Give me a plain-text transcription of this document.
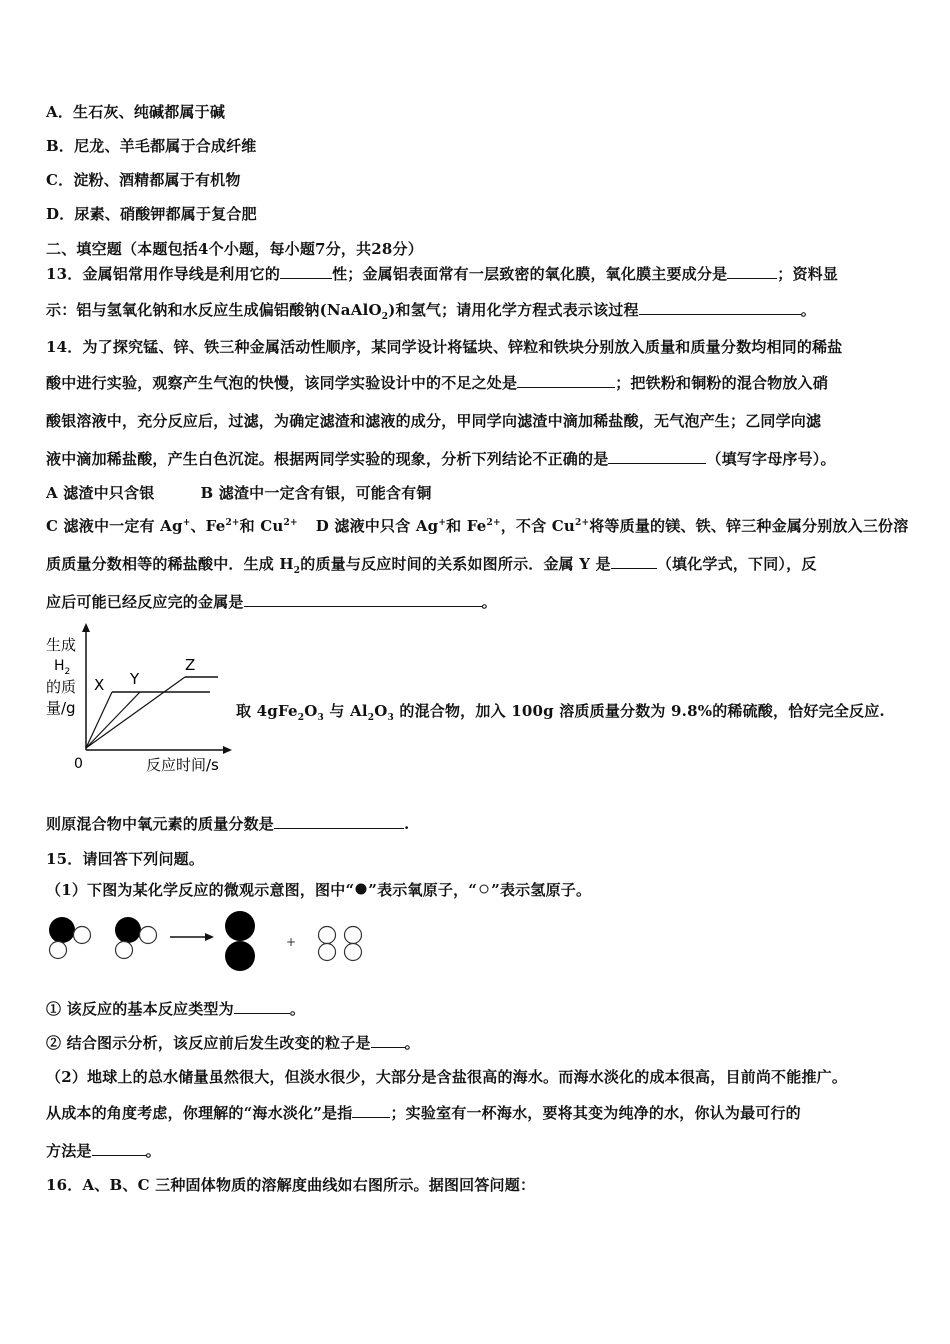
A．生石灰、纯碱都属于碱
B．尼龙、羊毛都属于合成纤维
C．淀粉、酒精都属于有机物
D．尿素、硝酸钾都属于复合肥
二、填空题（本题包括4个小题，每小题7分，共28分）
13．金属铝常用作导线是利用它的	性；金属铝表面常有一层致密的氧化膜，氧化膜主要成分是	；资料显
示：铝与氢氧化钠和水反应生成偏铝酸钠(NaAlO$_2$)和氢气；请用化学方程式表示该过程	。
14．为了探究锰、锌、铁三种金属活动性顺序，某同学设计将锰块、锌粒和铁块分别放入质量和质量分数均相同的稀盐
酸中进行实验，观察产生气泡的快慢，该同学实验设计中的不足之处是	；把铁粉和铜粉的混合物放入硝
酸银溶液中，充分反应后，过滤，为确定滤渣和滤液的成分，甲同学向滤渣中滴加稀盐酸，无气泡产生；乙同学向滤
液中滴加稀盐酸，产生白色沉淀。根据两同学实验的现象，分析下列结论不正确的是	（填写字母序号）。
A 滤渣中只含银	B 滤渣中一定含有银，可能含有铜
C 滤液中一定有 Ag+、$Fe^{2+}$和 $Cu^{2+}$ D 滤液中只含 Ag+和 $Fe^{2+}$，不含 $Cu^{2+}$将等质量的镁、铁、锌三种金属分别放入三份溶
质质量分数相等的稀盐酸中．生成 $H_2$的质量与反应时间的关系如图所示．金属 Y 是	（填化学式，下同），反
应后可能已经反应完的金属是	。
生成
$H_2$
的质
量/g
0	反应时间/s
X Y
Z
取 $4gFe_2O_3$ 与 $Al_2O_3$ 的混合物，加入 100g 溶质质量分数为 9.8%的稀硫酸，恰好完全反应.
则原混合物中氧元素的质量分数是	.
15．请回答下列问题。
（1）下图为某化学反应的微观示意图，图中“ ”表示氧原子，“ ”表示氢原子。
+
① 该反应的基本反应类型为	。
② 结合图示分析，该反应前后发生改变的粒子是 。
（2）地球上的总水储量虽然很大，但淡水很少，大部分是含盐很高的海水。而海水淡化的成本很高，目前尚不能推广。
从成本的角度考虑，你理解的“海水淡化”是指	；实验室有一杯海水，要将其变为纯净的水，你认为最可行的
方法是	。
16．A、B、C 三种固体物质的溶解度曲线如右图所示。据图回答问题：
